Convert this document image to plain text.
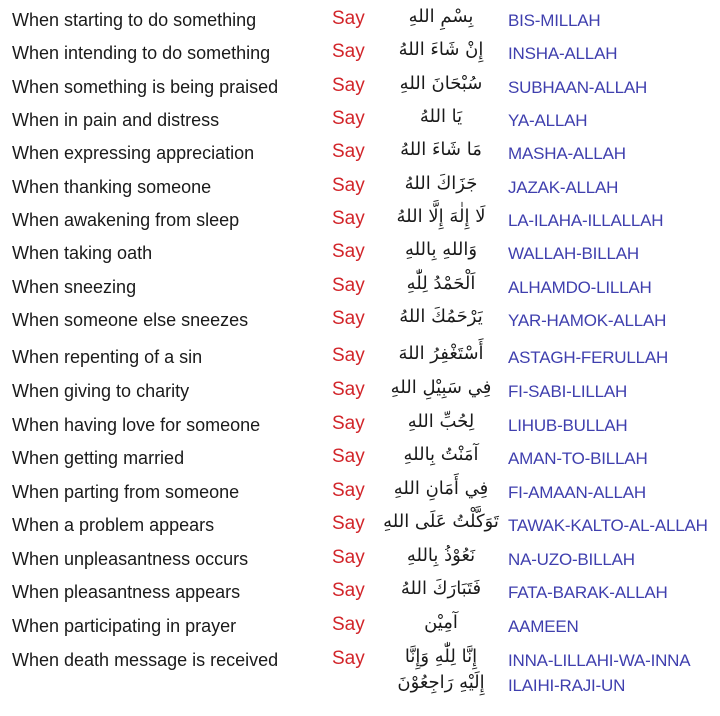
When starting to do something	Say	بِسْمِ اللهِ	BIS-MILLAH
When intending to do something	Say	إِنْ شَاءَ اللهُ	INSHA-ALLAH
When something is being praised	Say	سُبْحَانَ اللهِ	SUBHAAN-ALLAH
When in pain and distress	Say	يَا اللهُ	YA-ALLAH
When expressing appreciation	Say	مَا شَاءَ اللهُ	MASHA-ALLAH
When thanking someone	Say	جَزَاكَ اللهُ	JAZAK-ALLAH
When awakening from sleep	Say	لَا إِلٰهَ إِلَّا اللهُ	LA-ILAHA-ILLALLAH
When taking oath	Say	وَاللهِ بِاللهِ	WALLAH-BILLAH
When sneezing	Say	اَلْحَمْدُ لِلّٰهِ	ALHAMDO-LILLAH
When someone else sneezes	Say	يَرْحَمُكَ اللهُ	YAR-HAMOK-ALLAH
When repenting of a sin	Say	أَسْتَغْفِرُ اللهَ	ASTAGH-FERULLAH
When giving to charity	Say	فِي سَبِيْلِ اللهِ FI-SABI-LILLAH
When having love for someone	Say	لِحُبِّ اللهِ	LIHUB-BULLAH
When getting married	Say	آمَنْتُ بِاللهِ	AMAN-TO-BILLAH
When parting from someone	Say	فِي أَمَانِ اللهِ	FI-AMAAN-ALLAH
When a problem appears	Say تَوَكَّلْتُ عَلَى اللهِ TAWAK-KALTO-AL-ALLAH
When unpleasantness occurs	Say	نَعُوْذُ بِاللهِ	NA-UZO-BILLAH
When pleasantness appears	Say	فَتَبَارَكَ اللهُ	FATA-BARAK-ALLAH
When participating in prayer	Say	آمِيْن	AAMEEN
When death message is received	Say	إِنَّا لِلّٰهِ وَإِنَّا	INNA-LILLAHI-WA-INNA
إِلَيْهِ رَاجِعُوْنَ	ILAIHI-RAJI-UN
